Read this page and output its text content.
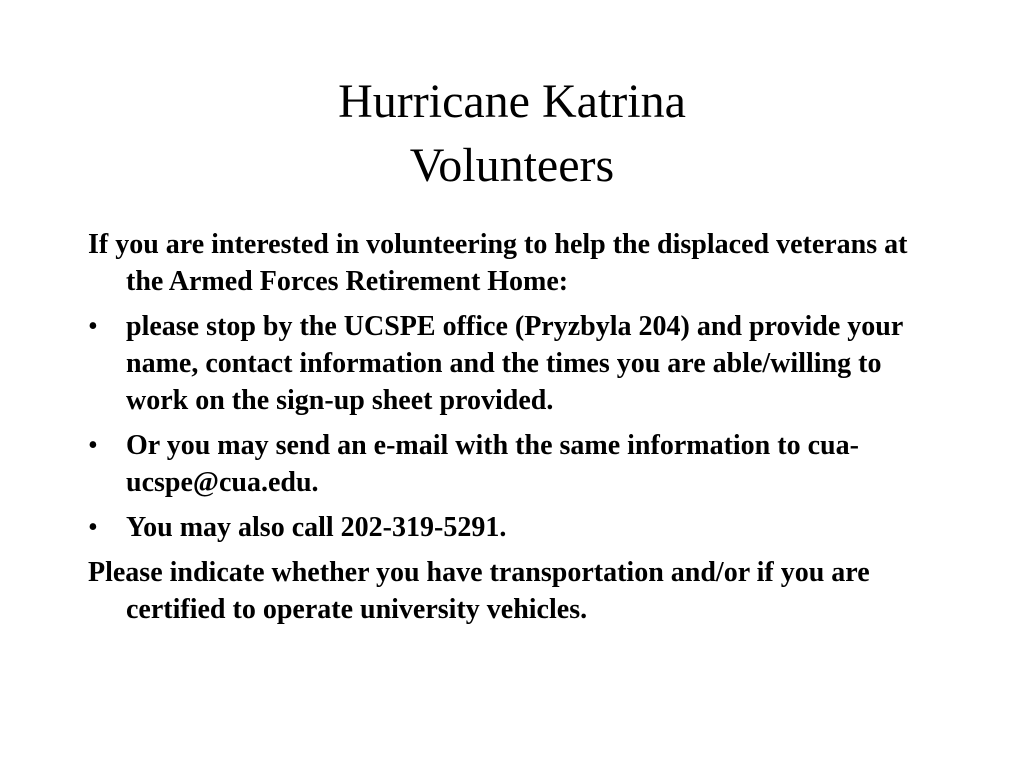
Hurricane Katrina
Volunteers

If you are interested in volunteering to help the displaced veterans at the Armed Forces Retirement Home:

•	please stop by the UCSPE office (Pryzbyla 204) and provide your name, contact information and the times you are able/willing to work on the sign-up sheet provided.
•	Or you may send an e-mail with the same information to cua-ucspe@cua.edu.
•	You may also call 202-319-5291.

Please indicate whether you have transportation and/or if you are certified to operate university vehicles.
